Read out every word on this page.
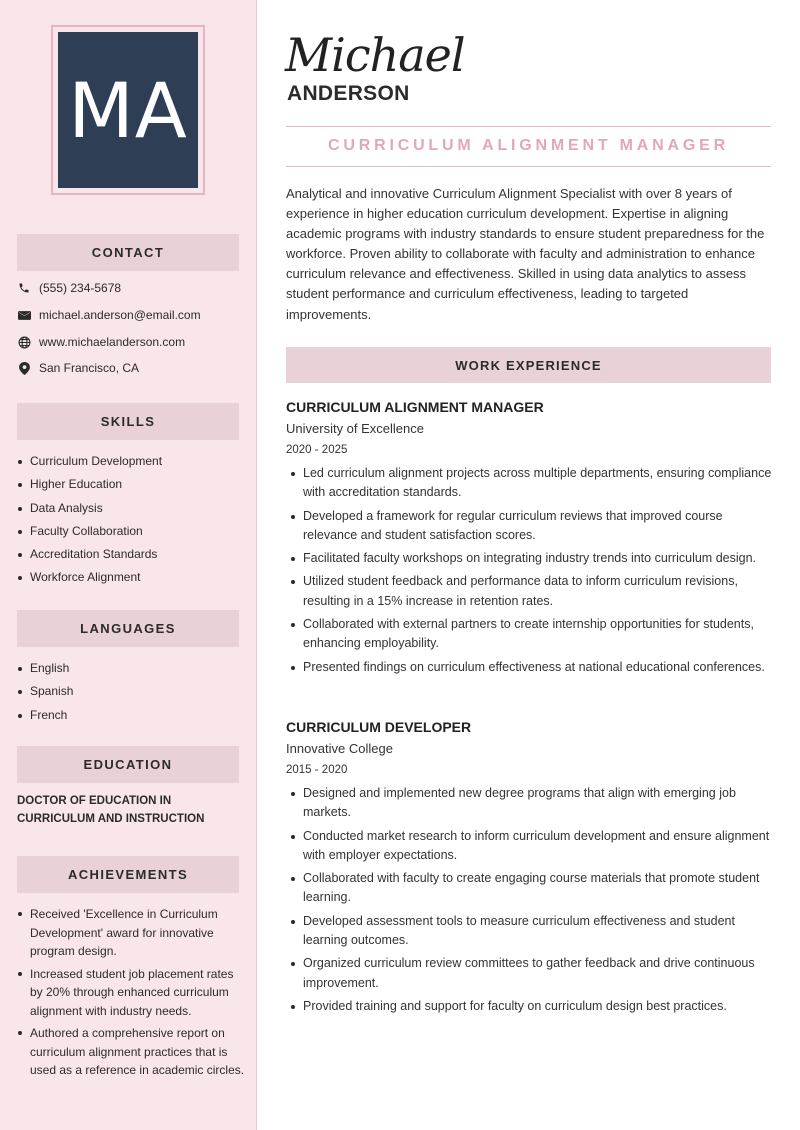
MA
CONTACT
(555) 234-5678
michael.anderson@email.com
www.michaelanderson.com
San Francisco, CA
SKILLS
Curriculum Development
Higher Education
Data Analysis
Faculty Collaboration
Accreditation Standards
Workforce Alignment
LANGUAGES
English
Spanish
French
EDUCATION
DOCTOR OF EDUCATION IN CURRICULUM AND INSTRUCTION
ACHIEVEMENTS
Received 'Excellence in Curriculum Development' award for innovative program design.
Increased student job placement rates by 20% through enhanced curriculum alignment with industry needs.
Authored a comprehensive report on curriculum alignment practices that is used as a reference in academic circles.
Michael
ANDERSON
CURRICULUM ALIGNMENT MANAGER
Analytical and innovative Curriculum Alignment Specialist with over 8 years of experience in higher education curriculum development. Expertise in aligning academic programs with industry standards to ensure student preparedness for the workforce. Proven ability to collaborate with faculty and administration to enhance curriculum relevance and effectiveness. Skilled in using data analytics to assess student performance and curriculum effectiveness, leading to targeted improvements.
WORK EXPERIENCE
CURRICULUM ALIGNMENT MANAGER
University of Excellence
2020 - 2025
Led curriculum alignment projects across multiple departments, ensuring compliance with accreditation standards.
Developed a framework for regular curriculum reviews that improved course relevance and student satisfaction scores.
Facilitated faculty workshops on integrating industry trends into curriculum design.
Utilized student feedback and performance data to inform curriculum revisions, resulting in a 15% increase in retention rates.
Collaborated with external partners to create internship opportunities for students, enhancing employability.
Presented findings on curriculum effectiveness at national educational conferences.
CURRICULUM DEVELOPER
Innovative College
2015 - 2020
Designed and implemented new degree programs that align with emerging job markets.
Conducted market research to inform curriculum development and ensure alignment with employer expectations.
Collaborated with faculty to create engaging course materials that promote student learning.
Developed assessment tools to measure curriculum effectiveness and student learning outcomes.
Organized curriculum review committees to gather feedback and drive continuous improvement.
Provided training and support for faculty on curriculum design best practices.
